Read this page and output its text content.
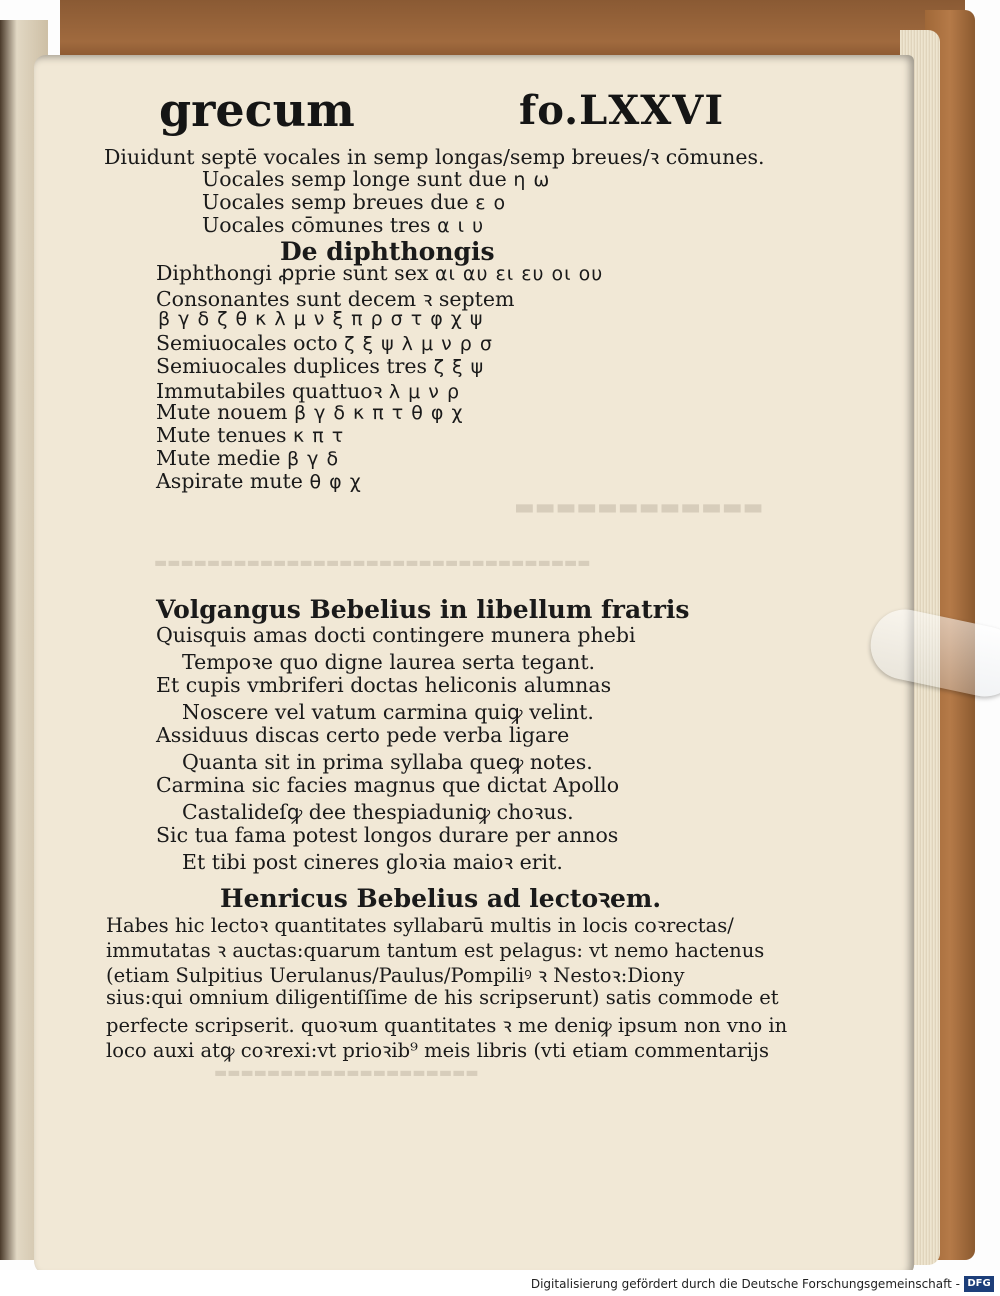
grecum	fo.LXXVI
Diuidunt septē vocales in semp longas/semp breues/ꝛ cōmunes.
Uocales semp longe sunt due η ω
Uocales semp breues due ε ο
Uocales cōmunes tres α ι υ
De diphthongis
Diphthongi ꝓprie sunt sex αι αυ ει ευ οι ου
Consonantes sunt decem ꝛ septem
β γ δ ζ θ κ λ μ ν ξ π ρ σ τ φ χ ψ
Semiuocales octo ζ ξ ψ λ μ ν ρ σ
Semiuocales duplices tres ζ ξ ψ
Immutabiles quattuoꝛ λ μ ν ρ
Mute nouem β γ δ κ π τ θ φ χ
Mute tenues κ π τ
Mute medie β γ δ
Aspirate mute θ φ χ
▬▬▬▬▬▬▬▬▬▬▬▬
▬▬▬▬▬▬▬▬▬▬▬▬▬▬▬▬▬▬▬▬▬▬▬▬▬▬▬▬▬▬▬▬▬
Volgangus Bebelius in libellum fratris
Quisquis amas docti contingere munera phebi
Tempoꝛe quo digne laurea serta tegant.
Et cupis vmbriferi doctas heliconis alumnas
Noscere vel vatum carmina quiꝙ velint.
Assiduus discas certo pede verba ligare
Quanta sit in prima syllaba queꝙ notes.
Carmina sic facies magnus que dictat Apollo
Castalideſꝙ dee thespiaduniꝙ choꝛus.
Sic tua fama potest longos durare per annos
Et tibi post cineres gloꝛia maioꝛ erit.
Henricus Bebelius ad lectoꝛem.
Habes hic lectoꝛ quantitates syllabarū multis in locis coꝛrectas/
immutatas ꝛ auctas:quarum tantum est pelagus: vt nemo hactenus
(etiam Sulpitius Uerulanus/Paulus/Pompiliꝰ ꝛ Nestoꝛ:Diony
sius:qui omnium diligentiſſime de his scripserunt) satis commode et
perfecte scripserit. quoꝛum quantitates ꝛ me deniꝙ ipsum non vno in
loco auxi atꝙ coꝛrexi:vt prioꝛib⁹ meis libris (vti etiam commentarijs
▬▬▬▬▬▬▬▬▬▬▬▬▬▬▬▬▬▬▬▬
Digitalisierung gefördert durch die Deutsche Forschungsgemeinschaft - DFG
